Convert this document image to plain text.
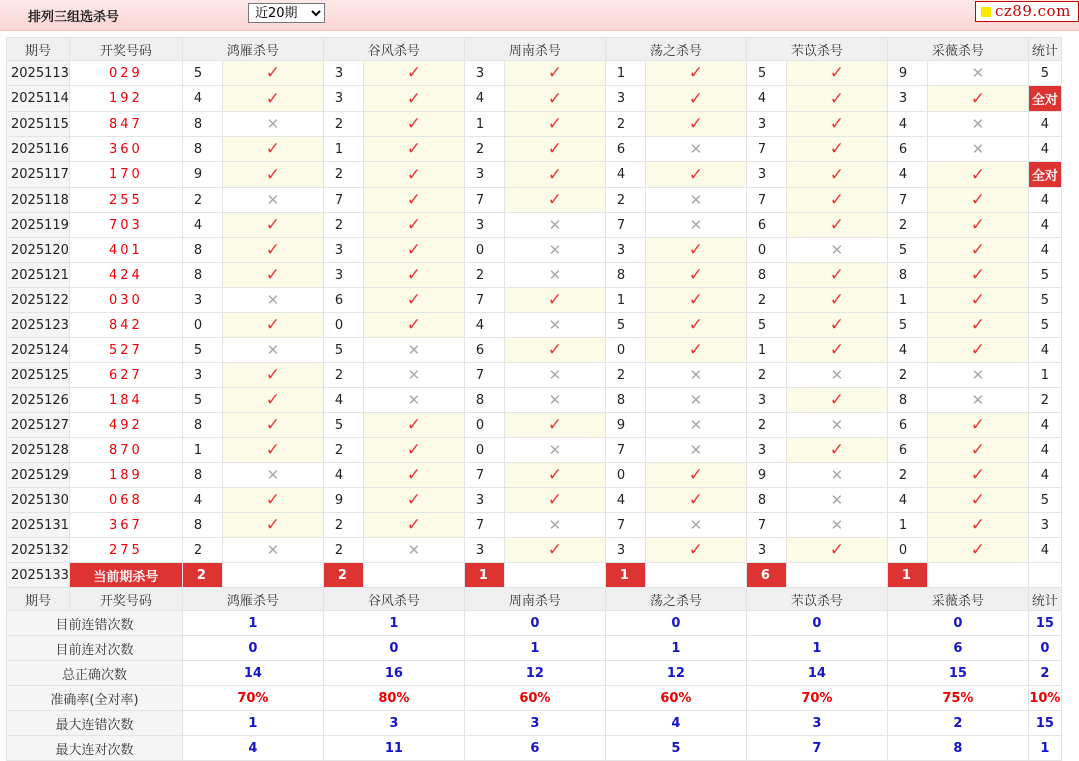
排列三组选杀号
近20期	cz89.com
期号	开奖号码	鸿雁杀号		谷风杀号		周南杀号		荡之杀号		芣苡杀号		采薇杀号		统计
2025113	029	5	✓	3	✓	3	✓	1	✓	5	✓	9	✕	5
2025114	192	4	✓	3	✓	4	✓	3	✓	4	✓	3	✓	全对
2025115	847	8	✕	2	✓	1	✓	2	✓	3	✓	4	✕	4
2025116	360	8	✓	1	✓	2	✓	6	✕	7	✓	6	✕	4
2025117	170	9	✓	2	✓	3	✓	4	✓	3	✓	4	✓	全对
2025118	255	2	✕	7	✓	7	✓	2	✕	7	✓	7	✓	4
2025119	703	4	✓	2	✓	3	✕	7	✕	6	✓	2	✓	4
2025120	401	8	✓	3	✓	0	✕	3	✓	0	✕	5	✓	4
2025121	424	8	✓	3	✓	2	✕	8	✓	8	✓	8	✓	5
2025122	030	3	✕	6	✓	7	✓	1	✓	2	✓	1	✓	5
2025123	842	0	✓	0	✓	4	✕	5	✓	5	✓	5	✓	5
2025124	527	5	✕	5	✕	6	✓	0	✓	1	✓	4	✓	4
2025125	627	3	✓	2	✕	7	✕	2	✕	2	✕	2	✕	1
2025126	184	5	✓	4	✕	8	✕	8	✕	3	✓	8	✕	2
2025127	492	8	✓	5	✓	0	✓	9	✕	2	✕	6	✓	4
2025128	870	1	✓	2	✓	0	✕	7	✕	3	✓	6	✓	4
2025129	189	8	✕	4	✓	7	✓	0	✓	9	✕	2	✓	4
2025130	068	4	✓	9	✓	3	✓	4	✓	8	✕	4	✓	5
2025131	367	8	✓	2	✓	7	✕	7	✕	7	✕	1	✓	3
2025132	275	2	✕	2	✕	3	✓	3	✓	3	✓	0	✓	4
2025133	当前期杀号	2		2		1		1		6		1		
期号	开奖号码	鸿雁杀号		谷风杀号		周南杀号		荡之杀号		芣苡杀号		采薇杀号		统计
目前连错次数		1		1		0		0		0		0		15
目前连对次数		0		0		1		1		1		6		0
总正确次数		14		16		12		12		14		15		2
准确率(全对率)		70%		80%		60%		60%		70%		75%		10%
最大连错次数		1		3		3		4		3		2		15
最大连对次数		4		11		6		5		7		8		1
